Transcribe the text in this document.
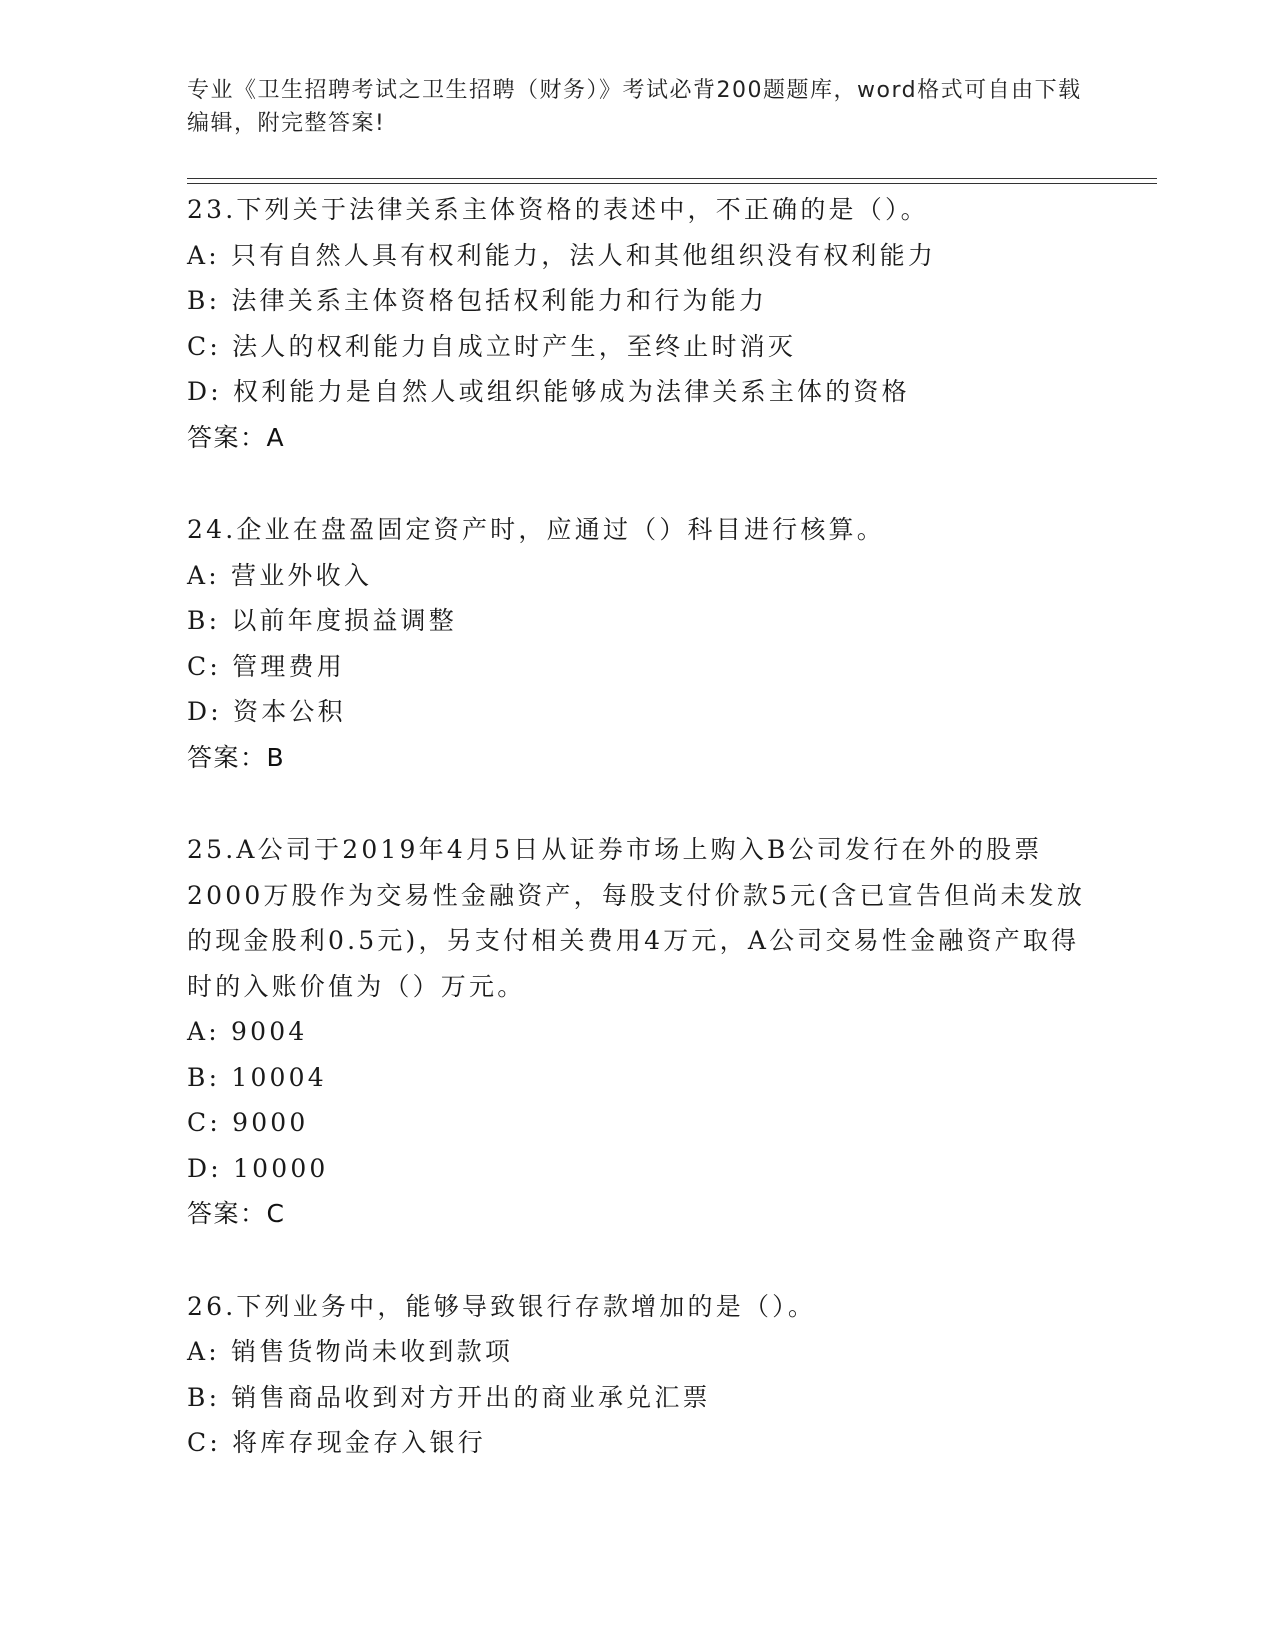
专业《卫生招聘考试之卫生招聘（财务）》考试必背200题题库，word格式可自由下载编辑，附完整答案!
23.下列关于法律关系主体资格的表述中，不正确的是（）。
A: 只有自然人具有权利能力，法人和其他组织没有权利能力
B: 法律关系主体资格包括权利能力和行为能力
C: 法人的权利能力自成立时产生，至终止时消灭
D: 权利能力是自然人或组织能够成为法律关系主体的资格
答案：A
24.企业在盘盈固定资产时，应通过（）科目进行核算。
A: 营业外收入
B: 以前年度损益调整
C: 管理费用
D: 资本公积
答案：B
25.A公司于2019年4月5日从证券市场上购入B公司发行在外的股票2000万股作为交易性金融资产，每股支付价款5元(含已宣告但尚未发放的现金股利0.5元)，另支付相关费用4万元，A公司交易性金融资产取得时的入账价值为（）万元。
A: 9004
B: 10004
C: 9000
D: 10000
答案：C
26.下列业务中，能够导致银行存款增加的是（）。
A: 销售货物尚未收到款项
B: 销售商品收到对方开出的商业承兑汇票
C: 将库存现金存入银行
